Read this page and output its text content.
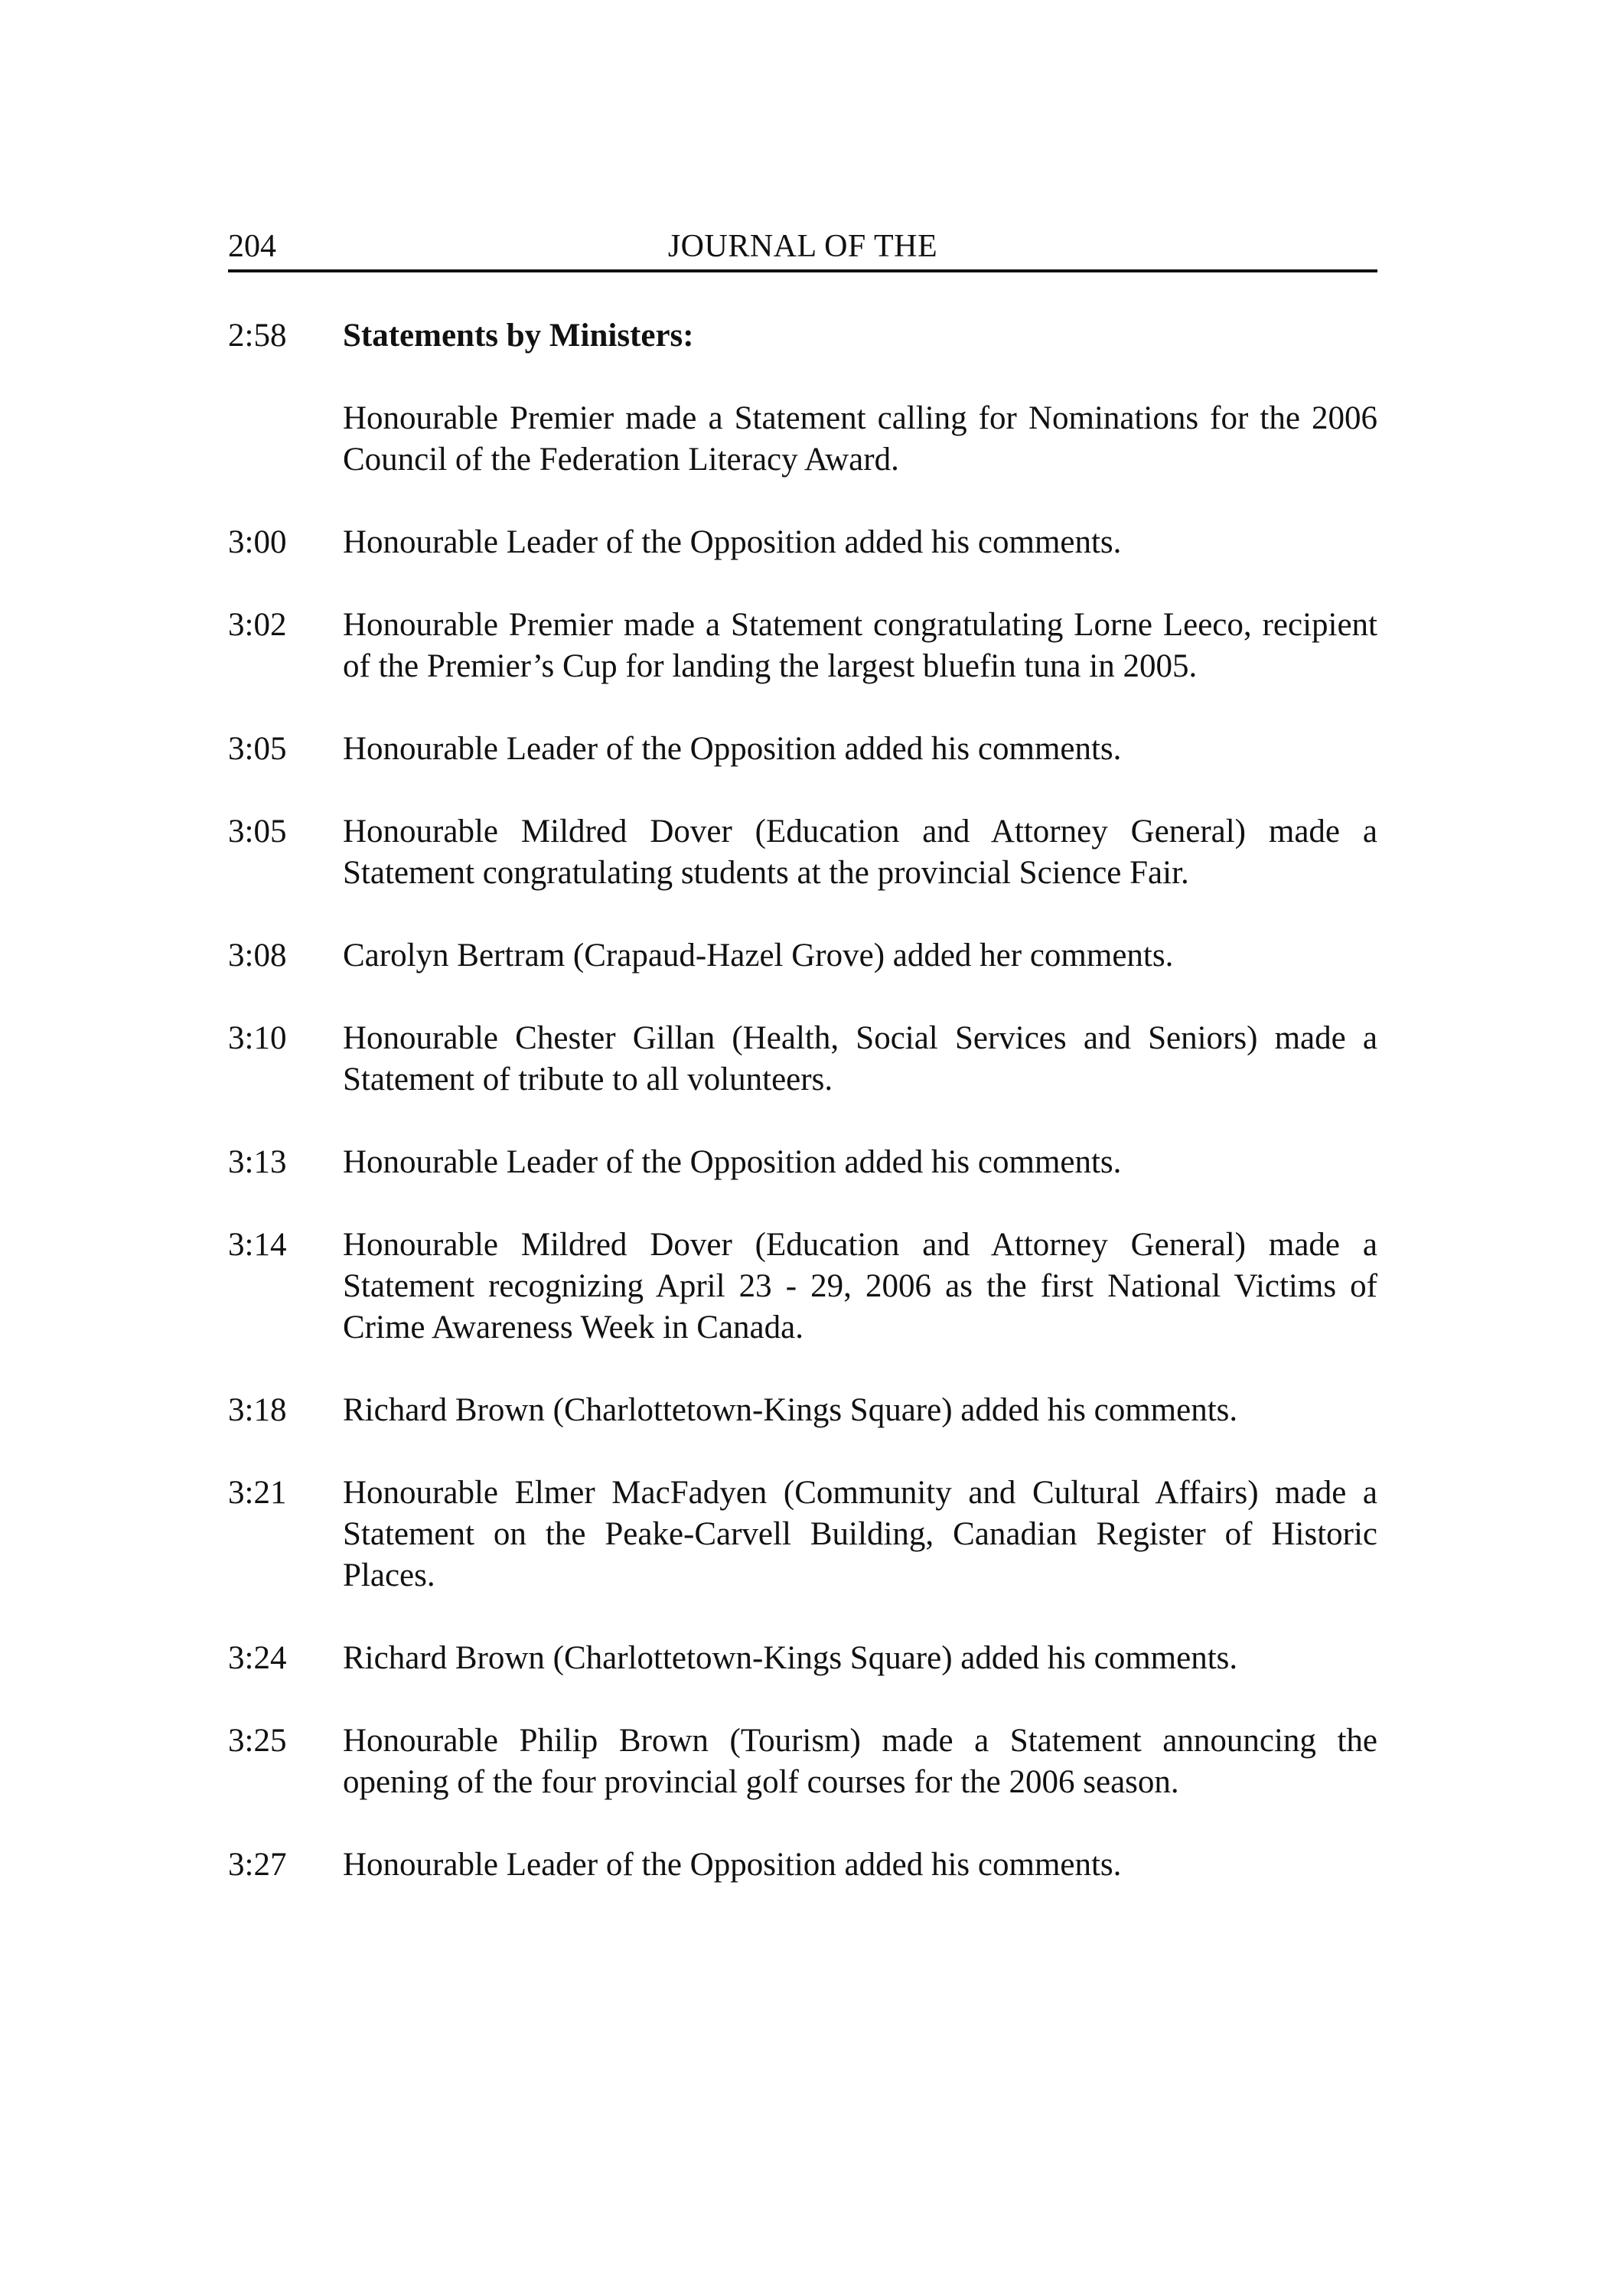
204	JOURNAL OF THE
2:58	Statements by Ministers:
Honourable Premier made a Statement calling for Nominations for the 2006 Council of the Federation Literacy Award.
3:00	Honourable Leader of the Opposition added his comments.
3:02	Honourable Premier made a Statement congratulating Lorne Leeco, recipient of the Premier’s Cup for landing the largest bluefin tuna in 2005.
3:05	Honourable Leader of the Opposition added his comments.
3:05	Honourable Mildred Dover (Education and Attorney General) made a Statement congratulating students at the provincial Science Fair.
3:08	Carolyn Bertram (Crapaud-Hazel Grove) added her comments.
3:10	Honourable Chester Gillan (Health, Social Services and Seniors) made a Statement of tribute to all volunteers.
3:13	Honourable Leader of the Opposition added his comments.
3:14	Honourable Mildred Dover (Education and Attorney General) made a Statement recognizing April 23 - 29, 2006 as the first National Victims of Crime Awareness Week in Canada.
3:18	Richard Brown (Charlottetown-Kings Square) added his comments.
3:21	Honourable Elmer MacFadyen (Community and Cultural Affairs) made a Statement on the Peake-Carvell Building, Canadian Register of Historic Places.
3:24	Richard Brown (Charlottetown-Kings Square) added his comments.
3:25	Honourable Philip Brown (Tourism) made a Statement announcing the opening of the four provincial golf courses for the 2006 season.
3:27	Honourable Leader of the Opposition added his comments.
